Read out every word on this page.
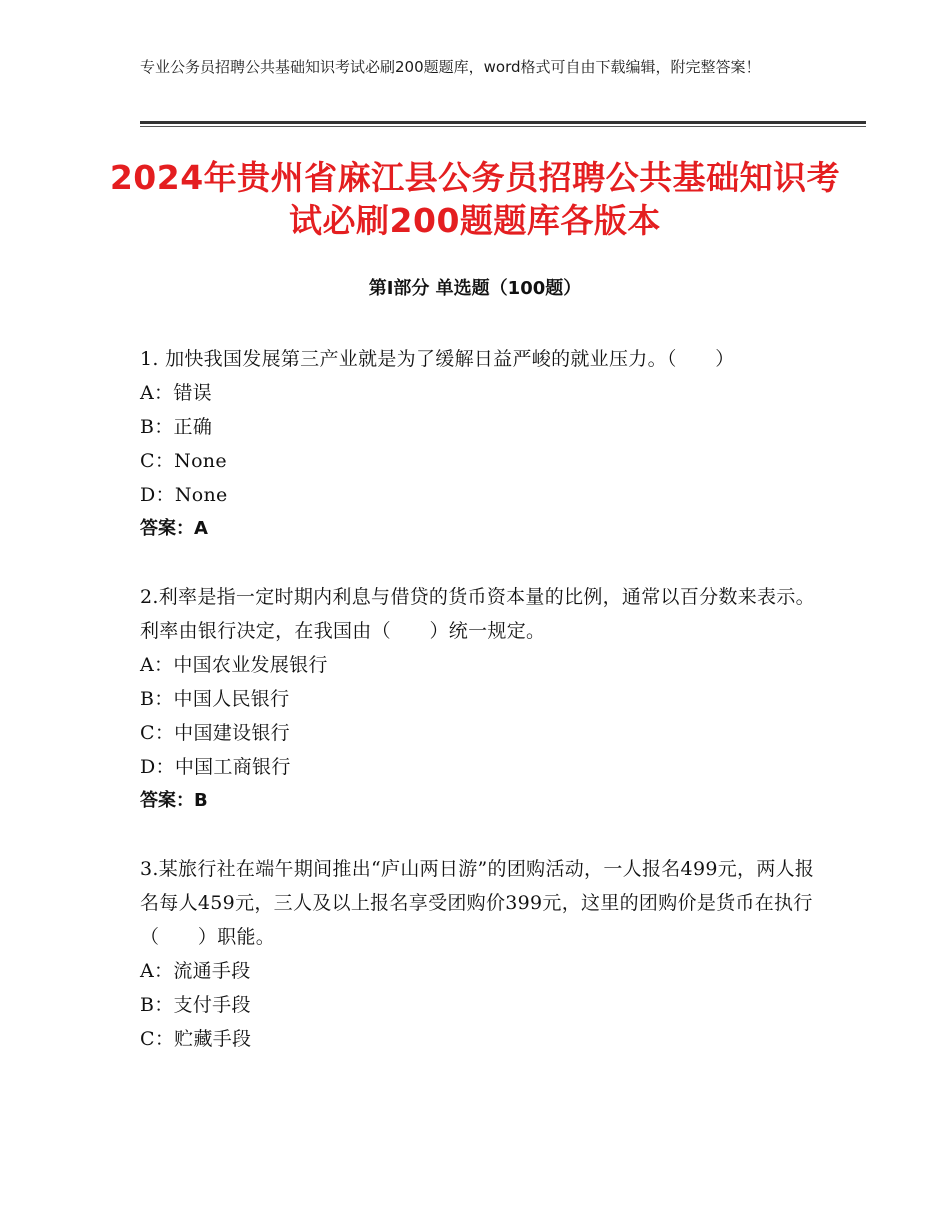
专业公务员招聘公共基础知识考试必刷200题题库，word格式可自由下载编辑，附完整答案！
2024年贵州省麻江县公务员招聘公共基础知识考试必刷200题题库各版本
第Ⅰ部分 单选题（100题）
1. 加快我国发展第三产业就是为了缓解日益严峻的就业压力。（　　）
A：错误
B：正确
C：None
D：None
答案：A
2.利率是指一定时期内利息与借贷的货币资本量的比例，通常以百分数来表示。利率由银行决定，在我国由（　　）统一规定。
A：中国农业发展银行
B：中国人民银行
C：中国建设银行
D：中国工商银行
答案：B
3.某旅行社在端午期间推出“庐山两日游”的团购活动，一人报名499元，两人报名每人459元，三人及以上报名享受团购价399元，这里的团购价是货币在执行（　　）职能。
A：流通手段
B：支付手段
C：贮藏手段
